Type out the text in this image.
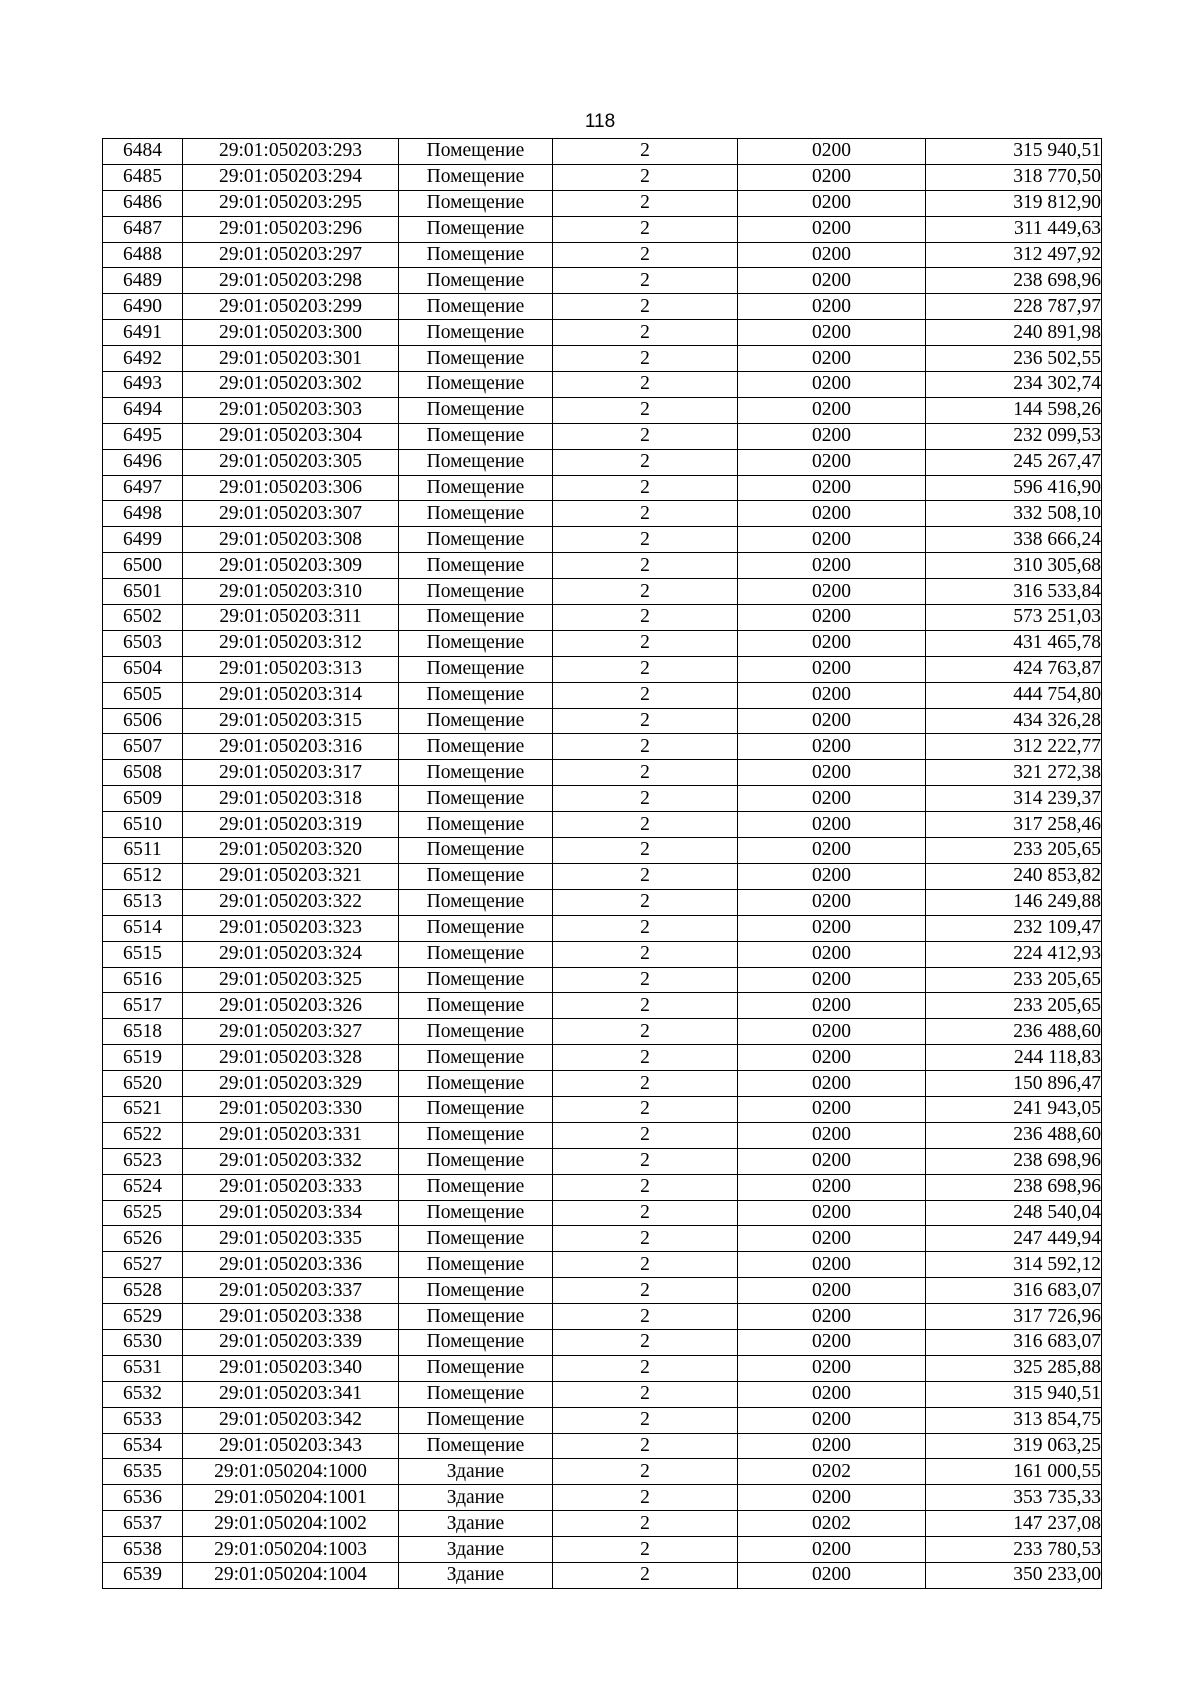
118
6484	29:01:050203:293	Помещение	2	0200	315 940,51
6485	29:01:050203:294	Помещение	2	0200	318 770,50
6486	29:01:050203:295	Помещение	2	0200	319 812,90
6487	29:01:050203:296	Помещение	2	0200	311 449,63
6488	29:01:050203:297	Помещение	2	0200	312 497,92
6489	29:01:050203:298	Помещение	2	0200	238 698,96
6490	29:01:050203:299	Помещение	2	0200	228 787,97
6491	29:01:050203:300	Помещение	2	0200	240 891,98
6492	29:01:050203:301	Помещение	2	0200	236 502,55
6493	29:01:050203:302	Помещение	2	0200	234 302,74
6494	29:01:050203:303	Помещение	2	0200	144 598,26
6495	29:01:050203:304	Помещение	2	0200	232 099,53
6496	29:01:050203:305	Помещение	2	0200	245 267,47
6497	29:01:050203:306	Помещение	2	0200	596 416,90
6498	29:01:050203:307	Помещение	2	0200	332 508,10
6499	29:01:050203:308	Помещение	2	0200	338 666,24
6500	29:01:050203:309	Помещение	2	0200	310 305,68
6501	29:01:050203:310	Помещение	2	0200	316 533,84
6502	29:01:050203:311	Помещение	2	0200	573 251,03
6503	29:01:050203:312	Помещение	2	0200	431 465,78
6504	29:01:050203:313	Помещение	2	0200	424 763,87
6505	29:01:050203:314	Помещение	2	0200	444 754,80
6506	29:01:050203:315	Помещение	2	0200	434 326,28
6507	29:01:050203:316	Помещение	2	0200	312 222,77
6508	29:01:050203:317	Помещение	2	0200	321 272,38
6509	29:01:050203:318	Помещение	2	0200	314 239,37
6510	29:01:050203:319	Помещение	2	0200	317 258,46
6511	29:01:050203:320	Помещение	2	0200	233 205,65
6512	29:01:050203:321	Помещение	2	0200	240 853,82
6513	29:01:050203:322	Помещение	2	0200	146 249,88
6514	29:01:050203:323	Помещение	2	0200	232 109,47
6515	29:01:050203:324	Помещение	2	0200	224 412,93
6516	29:01:050203:325	Помещение	2	0200	233 205,65
6517	29:01:050203:326	Помещение	2	0200	233 205,65
6518	29:01:050203:327	Помещение	2	0200	236 488,60
6519	29:01:050203:328	Помещение	2	0200	244 118,83
6520	29:01:050203:329	Помещение	2	0200	150 896,47
6521	29:01:050203:330	Помещение	2	0200	241 943,05
6522	29:01:050203:331	Помещение	2	0200	236 488,60
6523	29:01:050203:332	Помещение	2	0200	238 698,96
6524	29:01:050203:333	Помещение	2	0200	238 698,96
6525	29:01:050203:334	Помещение	2	0200	248 540,04
6526	29:01:050203:335	Помещение	2	0200	247 449,94
6527	29:01:050203:336	Помещение	2	0200	314 592,12
6528	29:01:050203:337	Помещение	2	0200	316 683,07
6529	29:01:050203:338	Помещение	2	0200	317 726,96
6530	29:01:050203:339	Помещение	2	0200	316 683,07
6531	29:01:050203:340	Помещение	2	0200	325 285,88
6532	29:01:050203:341	Помещение	2	0200	315 940,51
6533	29:01:050203:342	Помещение	2	0200	313 854,75
6534	29:01:050203:343	Помещение	2	0200	319 063,25
6535	29:01:050204:1000	Здание	2	0202	161 000,55
6536	29:01:050204:1001	Здание	2	0200	353 735,33
6537	29:01:050204:1002	Здание	2	0202	147 237,08
6538	29:01:050204:1003	Здание	2	0200	233 780,53
6539	29:01:050204:1004	Здание	2	0200	350 233,00
